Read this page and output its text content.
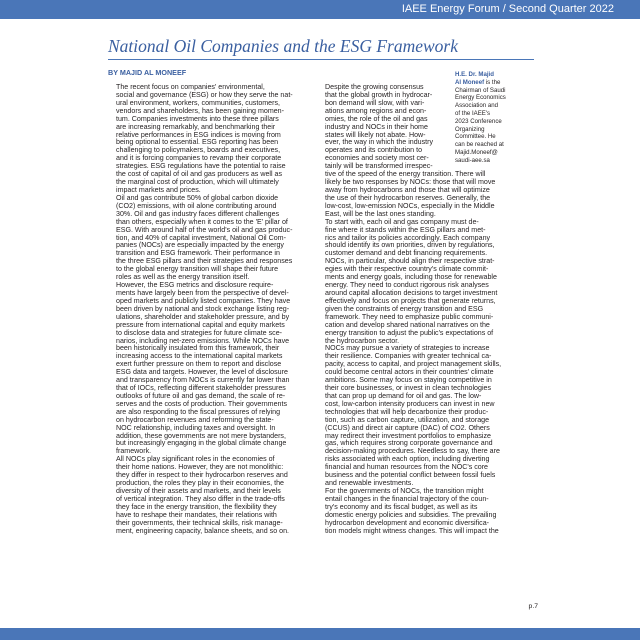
IAEE Energy Forum / Second Quarter 2022
National Oil Companies and the ESG Framework
BY MAJID AL MONEEF

The recent focus on companies' environmental,
social and governance (ESG) or how they serve the nat-
ural environment, workers, communities, customers,
vendors and shareholders, has been gaining momen-
tum. Companies investments into these three pillars
are increasing remarkably, and benchmarking their
relative performances in ESG indices is moving from
being optional to essential. ESG reporting has been
challenging to policymakers, boards and executives,
and it is forcing companies to revamp their corporate
strategies. ESG regulations have the potential to raise
the cost of capital of oil and gas producers as well as
the marginal cost of production, which will ultimately
impact markets and prices.

Oil and gas contribute 50% of global carbon dioxide
(CO2) emissions, with oil alone contributing around
30%. Oil and gas industry faces different challenges
than others, especially when it comes to the 'E' pillar of
ESG. With around half of the world's oil and gas produc-
tion, and 40% of capital investment, National Oil Com-
panies (NOCs) are especially impacted by the energy
transition and ESG framework. Their performance in
the three ESG pillars and their strategies and responses
to the global energy transition will shape their future
roles as well as the energy transition itself.

However, the ESG metrics and disclosure require-
ments have largely been from the perspective of devel-
oped markets and publicly listed companies. They have
been driven by national and stock exchange listing reg-
ulations, shareholder and stakeholder pressure, and by
pressure from international capital and equity markets
to disclose data and strategies for future climate sce-
narios, including net-zero emissions. While NOCs have
been historically insulated from this framework, their
increasing access to the international capital markets
exert further pressure on them to report and disclose
ESG data and targets. However, the level of disclosure
and transparency from NOCs is currently far lower than
that of IOCs, reflecting different stakeholder pressures
outlooks of future oil and gas demand, the scale of re-
serves and the costs of production. Their governments
are also responding to the fiscal pressures of relying
on hydrocarbon revenues and reforming the state-
NOC relationship, including taxes and oversight. In
addition, these governments are not mere bystanders,
but increasingly engaging in the global climate change
framework.

All NOCs play significant roles in the economies of
their home nations. However, they are not monolithic:
they differ in respect to their hydrocarbon reserves and
production, the roles they play in their economies, the
diversity of their assets and markets, and their levels
of vertical integration. They also differ in the trade-offs
they face in the energy transition, the flexibility they
have to reshape their mandates, their relations with
their governments, their technical skills, risk manage-
ment, engineering capacity, balance sheets, and so on.

Despite the growing consensus
that the global growth in hydrocar-
bon demand will slow, with vari-
ations among regions and econ-
omies, the role of the oil and gas
industry and NOCs in their home
states will likely not abate. How-
ever, the way in which the industry
operates and its contribution to
economies and society most cer-
tainly will be transformed irrespec-
tive of the speed of the energy transition. There will
likely be two responses by NOCs: those that will move
away from hydrocarbons and those that will optimize
the use of their hydrocarbon reserves. Generally, the
low-cost, low-emission NOCs, especially in the Middle
East, will be the last ones standing.

To start with, each oil and gas company must de-
fine where it stands within the ESG pillars and met-
rics and tailor its policies accordingly. Each company
should identify its own priorities, driven by regulations,
customer demand and debt financing requirements.
NOCs, in particular, should align their respective strat-
egies with their respective country's climate commit-
ments and energy goals, including those for renewable
energy. They need to conduct rigorous risk analyses
around capital allocation decisions to target investment
effectively and focus on projects that generate returns,
given the constraints of energy transition and ESG
framework. They need to emphasize public communi-
cation and develop shared national narratives on the
energy transition to adjust the public's expectations of
the hydrocarbon sector.

NOCs may pursue a variety of strategies to increase
their resilience. Companies with greater technical ca-
pacity, access to capital, and project management skills,
could become central actors in their countries' climate
ambitions. Some may focus on staying competitive in
their core businesses, or invest in clean technologies
that can prop up demand for oil and gas. The low-
cost, low-carbon intensity producers can invest in new
technologies that will help decarbonize their produc-
tion, such as carbon capture, utilization, and storage
(CCUS) and direct air capture (DAC) of CO2. Others
may redirect their investment portfolios to emphasize
gas, which requires strong corporate governance and
decision-making procedures. Needless to say, there are
risks associated with each option, including diverting
financial and human resources from the NOC's core
business and the potential conflict between fossil fuels
and renewable investments.

For the governments of NOCs, the transition might
entail changes in the financial trajectory of the coun-
try's economy and its fiscal budget, as well as its
domestic energy policies and subsidies. The prevailing
hydrocarbon development and economic diversifica-
tion models might witness changes. This will impact the

H.E. Dr. Majid
Al Moneef is the
Chairman of Saudi
Energy Economics
Association and
of the IAEE's
2023 Conference
Organizing
Committee. He
can be reached at
Majid.Moneef@
saudi-aee.sa
p.7
